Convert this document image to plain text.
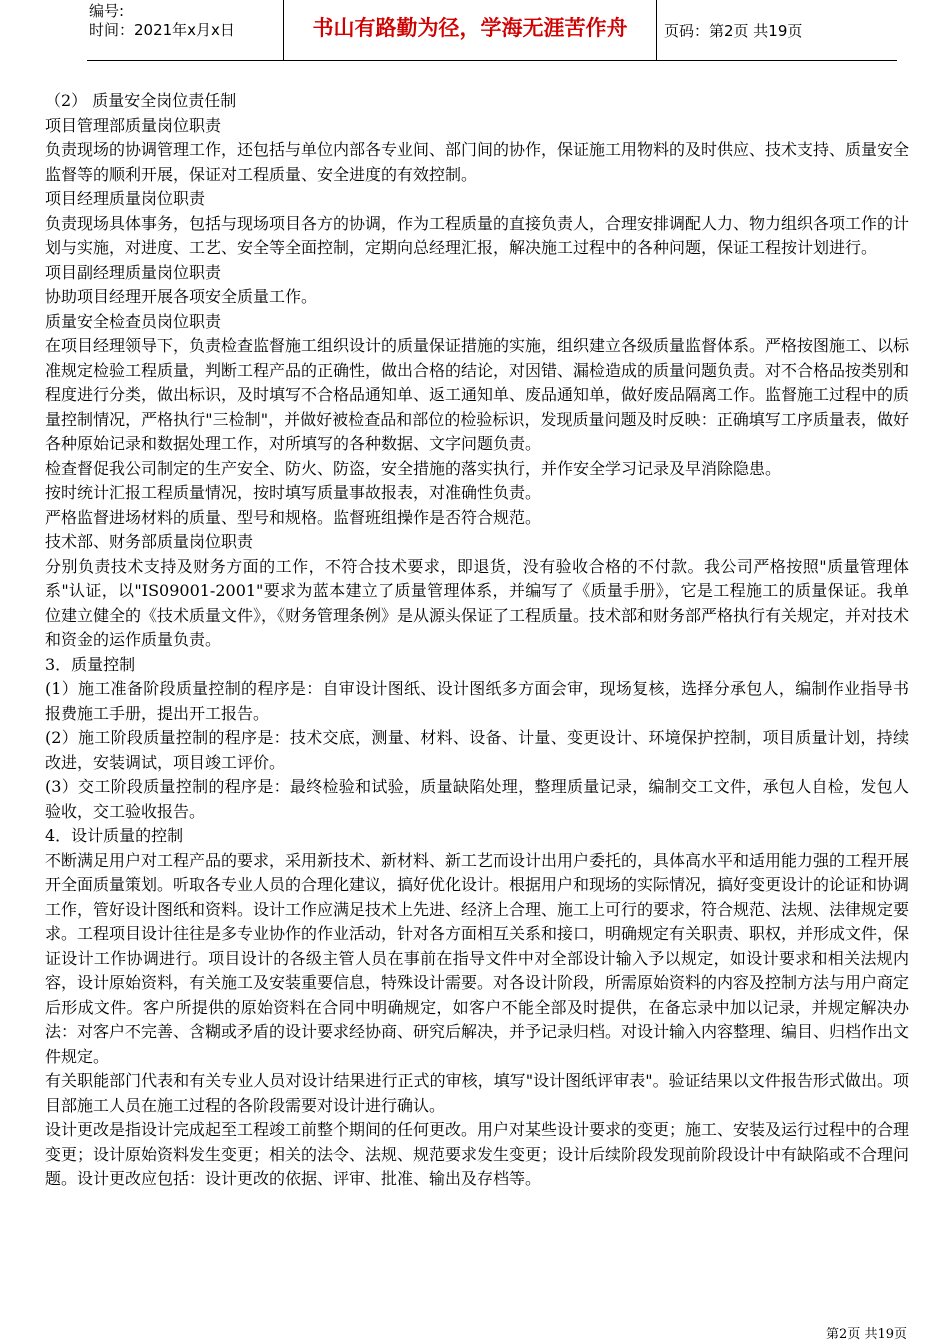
编号:
时间：2021年x月x日	书山有路勤为径，学海无涯苦作舟	页码：第2页 共19页

（2） 质量安全岗位责任制

项目管理部质量岗位职责

负责现场的协调管理工作，还包括与单位内部各专业间、部门间的协作，保证施工用物料的及时供应、技术支持、质量安全监督等的顺利开展，保证对工程质量、安全进度的有效控制。

项目经理质量岗位职责

负责现场具体事务，包括与现场项目各方的协调，作为工程质量的直接负责人，合理安排调配人力、物力组织各项工作的计划与实施，对进度、工艺、安全等全面控制，定期向总经理汇报，解决施工过程中的各种问题，保证工程按计划进行。

项目副经理质量岗位职责

协助项目经理开展各项安全质量工作。

质量安全检查员岗位职责

在项目经理领导下，负责检查监督施工组织设计的质量保证措施的实施，组织建立各级质量监督体系。严格按图施工、以标准规定检验工程质量，判断工程产品的正确性，做出合格的结论，对因错、漏检造成的质量问题负责。对不合格品按类别和程度进行分类，做出标识，及时填写不合格品通知单、返工通知单、废品通知单，做好废品隔离工作。监督施工过程中的质量控制情况，严格执行"三检制"，并做好被检查品和部位的检验标识，发现质量问题及时反映：正确填写工序质量表，做好各种原始记录和数据处理工作，对所填写的各种数据、文字问题负责。

检查督促我公司制定的生产安全、防火、防盗，安全措施的落实执行，并作安全学习记录及早消除隐患。

按时统计汇报工程质量情况，按时填写质量事故报表，对准确性负责。

严格监督进场材料的质量、型号和规格。监督班组操作是否符合规范。

技术部、财务部质量岗位职责

分别负责技术支持及财务方面的工作，不符合技术要求，即退货，没有验收合格的不付款。我公司严格按照"质量管理体系"认证，以"IS09001-2001"要求为蓝本建立了质量管理体系，并编写了《质量手册》，它是工程施工的质量保证。我单位建立健全的《技术质量文件》，《财务管理条例》是从源头保证了工程质量。技术部和财务部严格执行有关规定，并对技术和资金的运作质量负责。

3．质量控制

(1）施工准备阶段质量控制的程序是：自审设计图纸、设计图纸多方面会审，现场复核，选择分承包人，编制作业指导书报费施工手册，提出开工报告。

(2）施工阶段质量控制的程序是：技术交底，测量、材料、设备、计量、变更设计、环境保护控制，项目质量计划，持续改进，安装调试，项目竣工评价。

(3）交工阶段质量控制的程序是：最终检验和试验，质量缺陷处理，整理质量记录，编制交工文件，承包人自检，发包人验收，交工验收报告。

4．设计质量的控制

不断满足用户对工程产品的要求，采用新技术、新材料、新工艺而设计出用户委托的，具体高水平和适用能力强的工程开展开全面质量策划。听取各专业人员的合理化建议，搞好优化设计。根据用户和现场的实际情况，搞好变更设计的论证和协调工作，管好设计图纸和资料。设计工作应满足技术上先进、经济上合理、施工上可行的要求，符合规范、法规、法律规定要求。工程项目设计往往是多专业协作的作业活动，针对各方面相互关系和接口，明确规定有关职责、职权，并形成文件，保证设计工作协调进行。项目设计的各级主管人员在事前在指导文件中对全部设计输入予以规定，如设计要求和相关法规内容，设计原始资料，有关施工及安装重要信息，特殊设计需要。对各设计阶段，所需原始资料的内容及控制方法与用户商定后形成文件。客户所提供的原始资料在合同中明确规定，如客户不能全部及时提供，在备忘录中加以记录，并规定解决办法：对客户不完善、含糊或矛盾的设计要求经协商、研究后解决，并予记录归档。对设计输入内容整理、编目、归档作出文件规定。

有关职能部门代表和有关专业人员对设计结果进行正式的审核，填写"设计图纸评审表"。验证结果以文件报告形式做出。项目部施工人员在施工过程的各阶段需要对设计进行确认。

设计更改是指设计完成起至工程竣工前整个期间的任何更改。用户对某些设计要求的变更；施工、安装及运行过程中的合理变更；设计原始资料发生变更；相关的法令、法规、规范要求发生变更；设计后续阶段发现前阶段设计中有缺陷或不合理问题。设计更改应包括：设计更改的依据、评审、批准、输出及存档等。

第2页 共19页
